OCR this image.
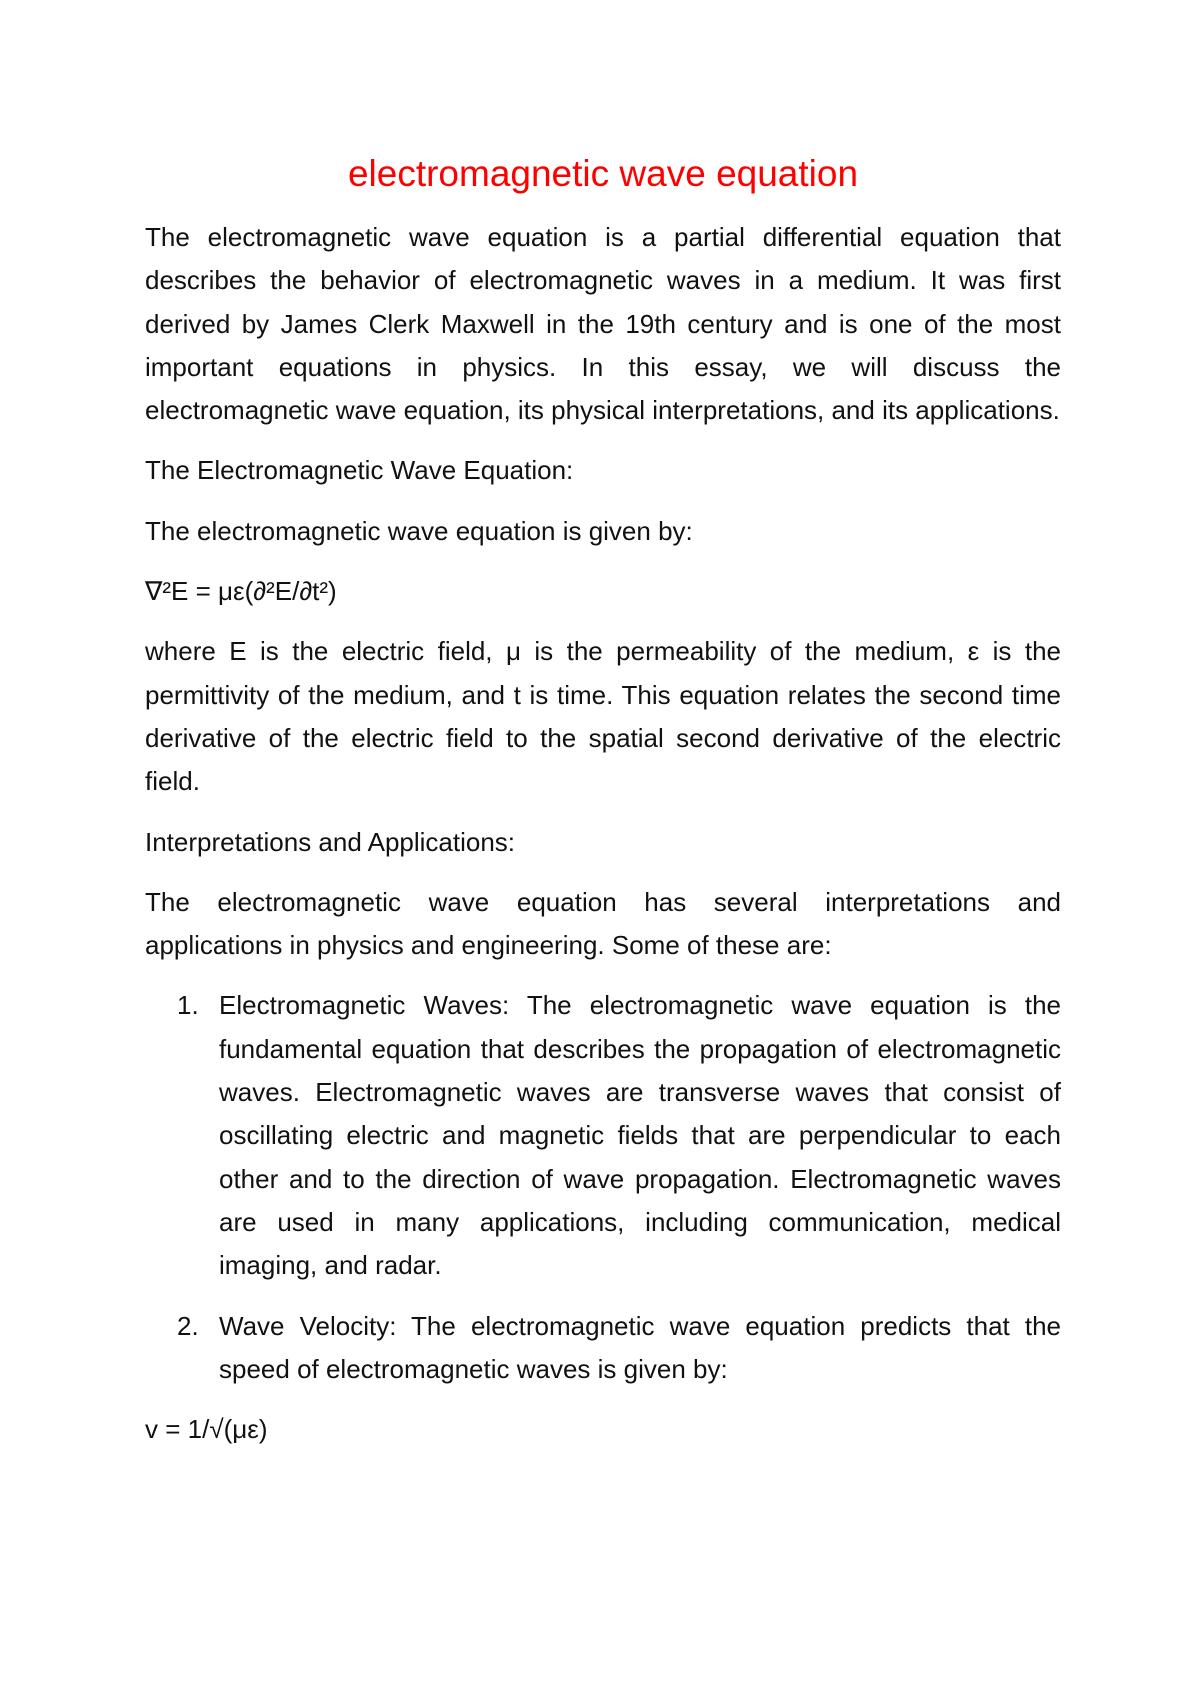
electromagnetic wave equation

The electromagnetic wave equation is a partial differential equation that describes the behavior of electromagnetic waves in a medium. It was first derived by James Clerk Maxwell in the 19th century and is one of the most important equations in physics. In this essay, we will discuss the electromagnetic wave equation, its physical interpretations, and its applications.

The Electromagnetic Wave Equation:

The electromagnetic wave equation is given by:

∇²E = με(∂²E/∂t²)

where E is the electric field, μ is the permeability of the medium, ε is the permittivity of the medium, and t is time. This equation relates the second time derivative of the electric field to the spatial second derivative of the electric field.

Interpretations and Applications:

The electromagnetic wave equation has several interpretations and applications in physics and engineering. Some of these are:

1. Electromagnetic Waves: The electromagnetic wave equation is the fundamental equation that describes the propagation of electromagnetic waves. Electromagnetic waves are transverse waves that consist of oscillating electric and magnetic fields that are perpendicular to each other and to the direction of wave propagation. Electromagnetic waves are used in many applications, including communication, medical imaging, and radar.

2. Wave Velocity: The electromagnetic wave equation predicts that the speed of electromagnetic waves is given by:

v = 1/√(με)
